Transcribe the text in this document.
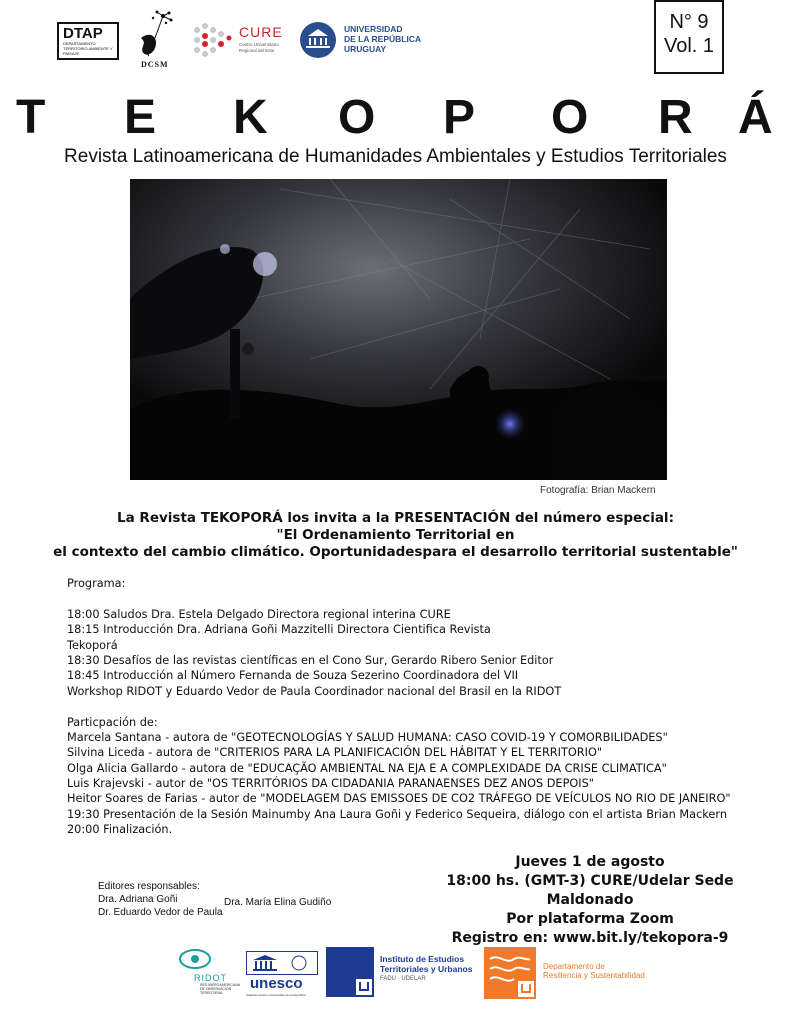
DTAP
DEPARTAMENTO TERRITORIO AMBIENTE Y PAISAJE
DCSM
CURE
Centro Universitario Regional del Este
UNIVERSIDAD
DE LA REPÚBLICA
URUGUAY
N° 9
Vol. 1
T E K O P O R Á
Revista Latinoamericana de Humanidades Ambientales y Estudios Territoriales
Fotografía: Brian Mackern
La Revista TEKOPORÁ los invita a la PRESENTACIÓN del número especial:
"El Ordenamiento Territorial en
el contexto del cambio climático. Oportunidadespara el desarrollo territorial sustentable"
Programa:
18:00 Saludos Dra. Estela Delgado Directora regional interina CURE
18:15 Introducción Dra. Adriana Goñi Mazzitelli Directora Cientifica Revista
Tekoporá
18:30 Desafíos de las revistas científicas en el Cono Sur, Gerardo Ribero Senior Editor
18:45 Introducción al Número Fernanda de Souza Sezerino Coordinadora del VII
Workshop RIDOT y Eduardo Vedor de Paula Coordinador nacional del Brasil en la RIDOT
Particpación de:
Marcela Santana - autora de "GEOTECNOLOGÍAS Y SALUD HUMANA: CASO COVID-19 Y COMORBILIDADES"
Silvina Liceda - autora de "CRITERIOS PARA LA PLANIFICACIÓN DEL HÁBITAT Y EL TERRITORIO"
Olga Alicia Gallardo - autora de "EDUCAÇÃO AMBIENTAL NA EJA E A COMPLEXIDADE DA CRISE CLIMATICA"
Luis Krajevski - autor de "OS TERRITÓRIOS DA CIDADANIA PARANAENSES DEZ ANOS DEPOIS"
Heitor Soares de Farias - autor de "MODELAGEM DAS EMISSOES DE CO2 TRÁFEGO DE VEÍCULOS NO RIO DE JANEIRO"
19:30 Presentación de la Sesión Mainumby Ana Laura Goñi y Federico Sequeira, diálogo con el artista Brian Mackern
20:00 Finalización.
Jueves 1 de agosto
18:00 hs. (GMT-3) CURE/Udelar Sede Maldonado
Por plataforma Zoom
Registro en: www.bit.ly/tekopora-9
Editores responsables:
Dra. Adriana Goñi
Dr. Eduardo Vedor de Paula
Dra. María Elina Gudiño
RIDOT
RED IBEROAMERICANA DE OBSERVACIÓN TERRITORIAL
unesco
Cátedra Unesco Universidad de la República
Instituto de Estudios
Territoriales y Urbanos
FADU · UDELAR
Departamento de
Resiliencia y Sustentabilidad
